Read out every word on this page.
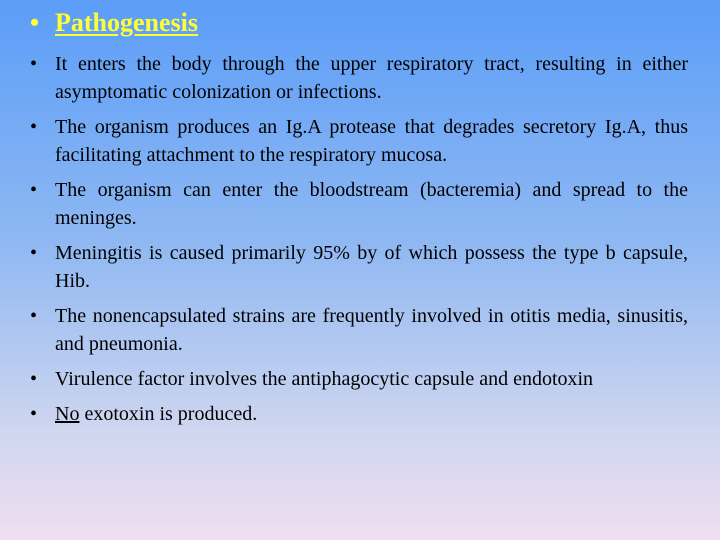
• Pathogenesis
• It enters the body through the upper respiratory tract, resulting in either asymptomatic colonization or infections.
• The organism produces an Ig.A protease that degrades secretory Ig.A, thus facilitating attachment to the respiratory mucosa.
• The organism can enter the bloodstream (bacteremia) and spread to the meninges.
• Meningitis is caused primarily 95% by of which possess the type b capsule, Hib.
• The nonencapsulated strains are frequently involved in otitis media, sinusitis, and pneumonia.
• Virulence factor involves the antiphagocytic capsule and endotoxin
• No exotoxin is produced.
